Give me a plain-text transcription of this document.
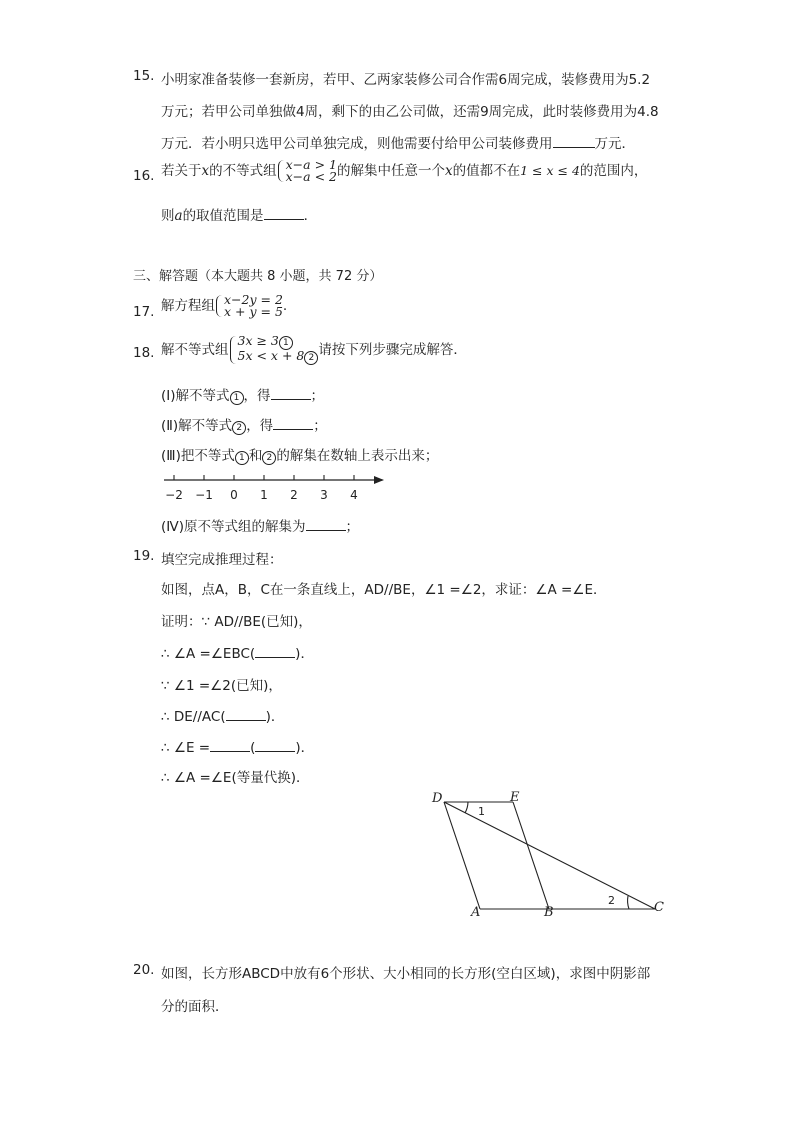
15. 小明家准备装修一套新房，若甲、乙两家装修公司合作需6周完成，装修费用为5.2
万元；若甲公司单独做4周，剩下的由乙公司做，还需9周完成，此时装修费用为4.8
万元．若小明只选甲公司单独完成，则他需要付给甲公司装修费用	万元．
16. 若关于x的不等式组 x−a > 1
x−a < 2 的解集中任意一个x的值都不在1 ≤ x ≤ 4的范围内，
则a的取值范围是	．
三、解答题（本大题共 8 小题，共 72 分）
17. 解方程组 x−2y = 2
x + y = 5 .
18. 解不等式组
3x ≥ 3 1
5x < x + 8 2 请按下列步骤完成解答．
(Ⅰ)解不等式 1 ，得	；
(Ⅱ)解不等式 2 ，得	；
(Ⅲ)把不等式 1 和 2 的解集在数轴上表示出来；
−2 −1 0 1 2 3 4
(Ⅳ)原不等式组的解集为	；
19. 填空完成推理过程：
如图，点A，B，C在一条直线上，AD//BE，∠1 =∠2，求证：∠A =∠E．
证明：∵ AD//BE(已知)，
∴ ∠A =∠EBC(	)．
∵ ∠1 =∠2(已知)，
∴ DE//AC(	)．
∴ ∠E =	(	)．
∴ ∠A =∠E(等量代换)．
D	E
A	B	C
1
2
20. 如图，长方形ABCD中放有6个形状、大小相同的长方形(空白区域)，求图中阴影部
分的面积．
